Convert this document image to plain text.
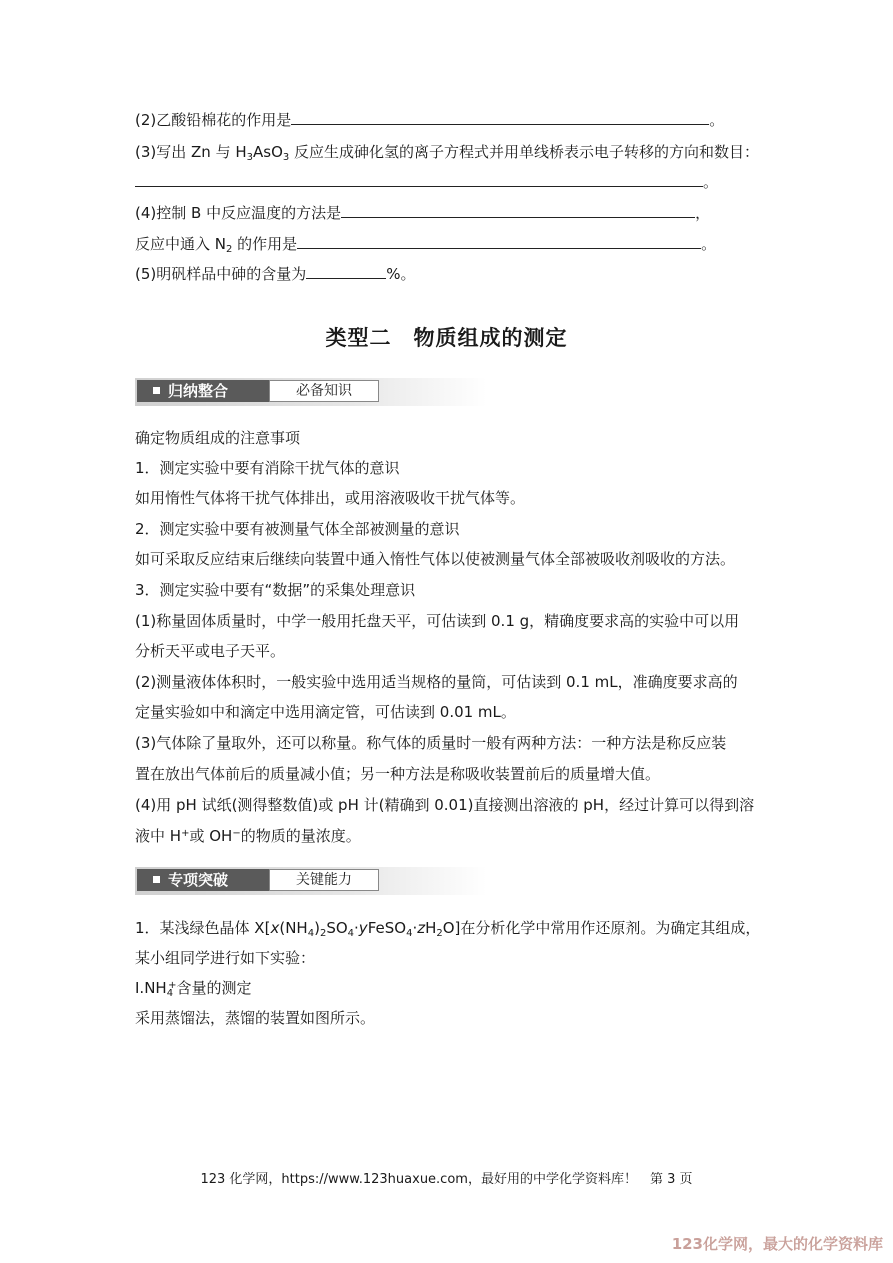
(2)乙酸铅棉花的作用是	。
(3)写出 Zn 与 $H_3AsO_3$ 反应生成砷化氢的离子方程式并用单线桥表示电子转移的方向和数目：
。
(4)控制 B 中反应温度的方法是	，
反应中通入 $N_2$ 的作用是	。
(5)明矾样品中砷的含量为	%。
类型二　物质组成的测定
归纳整合	必备知识
确定物质组成的注意事项
1．测定实验中要有消除干扰气体的意识
如用惰性气体将干扰气体排出，或用溶液吸收干扰气体等。
2．测定实验中要有被测量气体全部被测量的意识
如可采取反应结束后继续向装置中通入惰性气体以使被测量气体全部被吸收剂吸收的方法。
3．测定实验中要有“数据”的采集处理意识
(1)称量固体质量时，中学一般用托盘天平，可估读到 0.1 g，精确度要求高的实验中可以用
分析天平或电子天平。
(2)测量液体体积时，一般实验中选用适当规格的量筒，可估读到 0.1 mL，准确度要求高的
定量实验如中和滴定中选用滴定管，可估读到 0.01 mL。
(3)气体除了量取外，还可以称量。称气体的质量时一般有两种方法：一种方法是称反应装
置在放出气体前后的质量减小值；另一种方法是称吸收装置前后的质量增大值。
(4)用 pH 试纸(测得整数值)或 pH 计(精确到 0.01)直接测出溶液的 pH，经过计算可以得到溶
液中 H+或 OH−的物质的量浓度。
专项突破	关键能力
1．某浅绿色晶体 $X[x(NH_4)_2SO_4\cdot yFeSO_4\cdot zH_2O]$在分析化学中常用作还原剂。为确定其组成，
某小组同学进行如下实验：
$Ⅰ.NH_4^+$含量的测定
采用蒸馏法，蒸馏的装置如图所示。
123 化学网，https://www.123huaxue.com，最好用的中学化学资料库！　第 3 页
123化学网，最大的化学资料库
